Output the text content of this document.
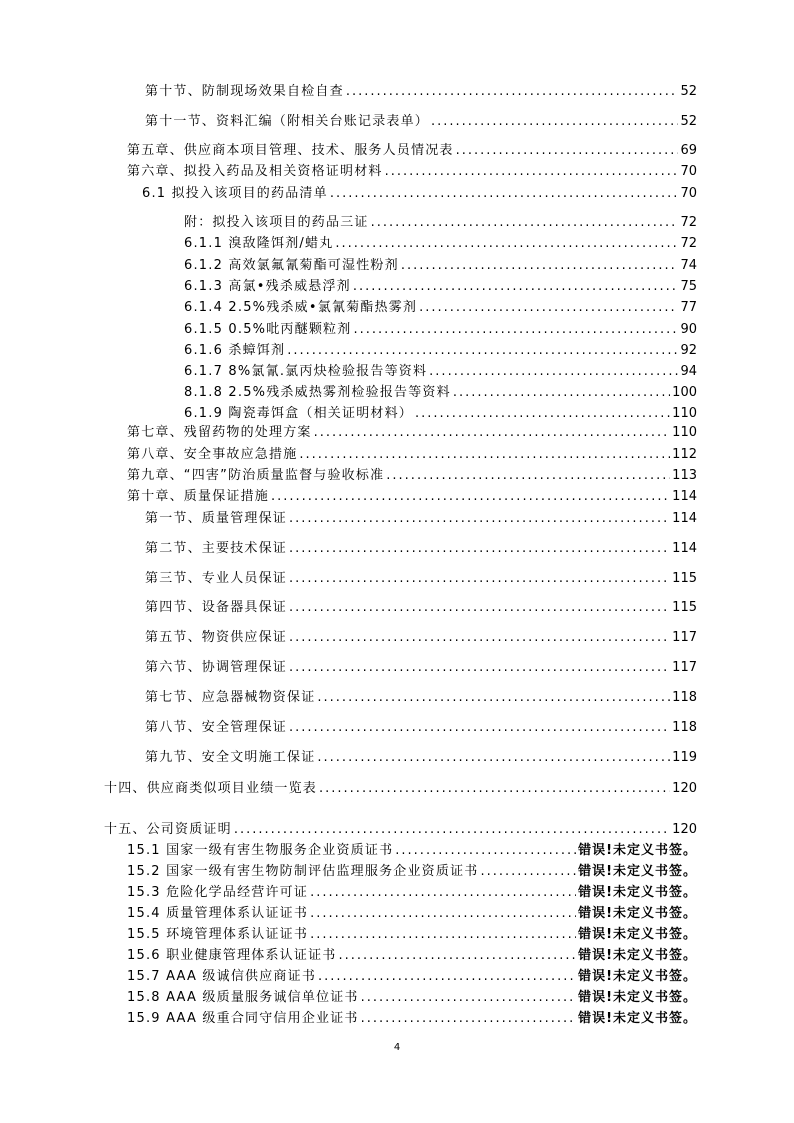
第十节、防制现场效果自检自查 .....	52
第十一节、资料汇编（附相关台账记录表单） .....	52
第五章、供应商本项目管理、技术、服务人员情况表 .....	69
第六章、拟投入药品及相关资格证明材料 .....	70
6.1 拟投入该项目的药品清单 .....	70
附：拟投入该项目的药品三证 .....	72
6.1.1 溴敌隆饵剂/蜡丸 .....	72
6.1.2 高效氯氟氰菊酯可湿性粉剂 .....	74
6.1.3 高氯•残杀威悬浮剂 .....	75
6.1.4 2.5%残杀威•氯氰菊酯热雾剂 .....	77
6.1.5 0.5%吡丙醚颗粒剂 .....	90
6.1.6 杀蟑饵剂 .....	92
6.1.7 8%氯氰.氯丙炔检验报告等资料 .....	94
8.1.8 2.5%残杀威热雾剂检验报告等资料 .....	100
6.1.9 陶瓷毒饵盒（相关证明材料） .....	110
第七章、残留药物的处理方案 .....	110
第八章、安全事故应急措施 .....	112
第九章、“四害”防治质量监督与验收标准 .....	113
第十章、质量保证措施 .....	114
第一节、质量管理保证 .....	114
第二节、主要技术保证 .....	114
第三节、专业人员保证 .....	115
第四节、设备器具保证 .....	115
第五节、物资供应保证 .....	117
第六节、协调管理保证 .....	117
第七节、应急器械物资保证 .....	118
第八节、安全管理保证 .....	118
第九节、安全文明施工保证 .....	119
十四、供应商类似项目业绩一览表 .....	120
十五、公司资质证明 .....	120
15.1 国家一级有害生物服务企业资质证书 .....	错误!未定义书签。
15.2 国家一级有害生物防制评估监理服务企业资质证书 .....	错误!未定义书签。
15.3 危险化学品经营许可证 .....	错误!未定义书签。
15.4 质量管理体系认证证书 .....	错误!未定义书签。
15.5 环境管理体系认证证书 .....	错误!未定义书签。
15.6 职业健康管理体系认证证书 .....	错误!未定义书签。
15.7 AAA 级诚信供应商证书 .....	错误!未定义书签。
15.8 AAA 级质量服务诚信单位证书 .....	错误!未定义书签。
15.9 AAA 级重合同守信用企业证书 .....	错误!未定义书签。
4
